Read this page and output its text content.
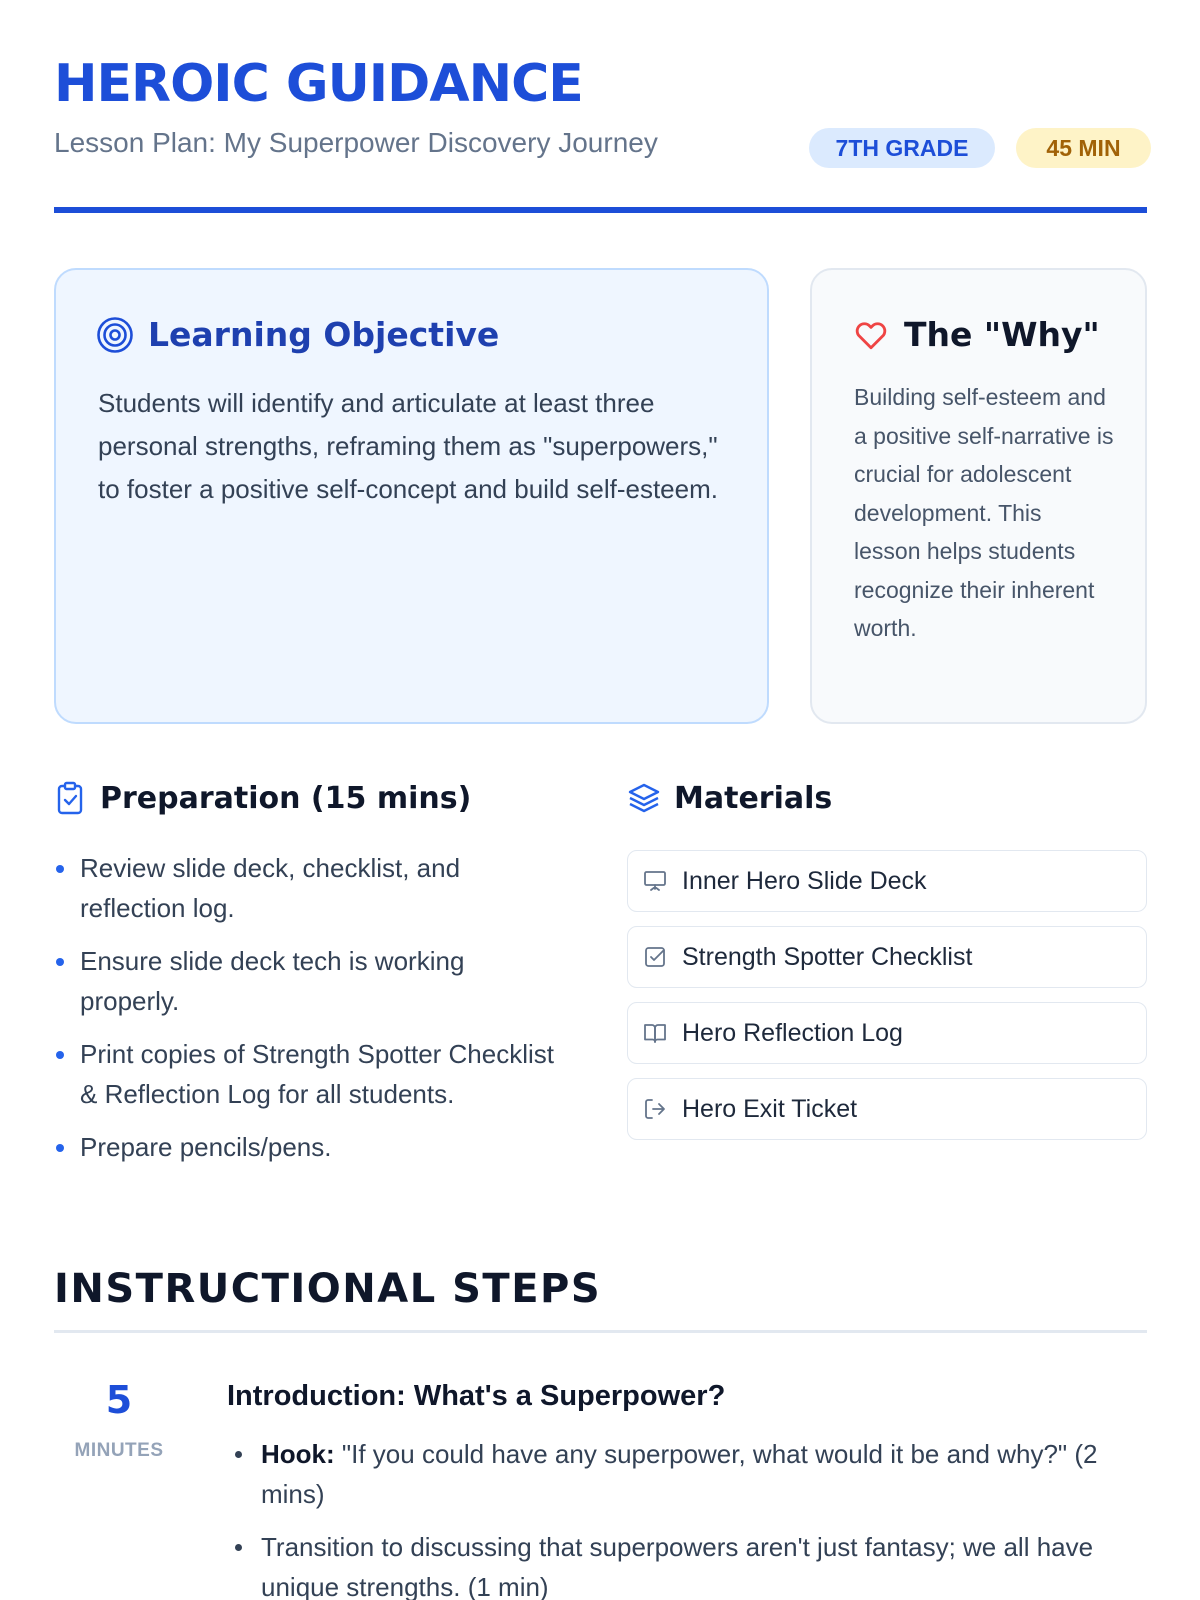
HEROIC GUIDANCE
Lesson Plan: My Superpower Discovery Journey	7TH GRADE	45 MIN
Learning Objective

Students will identify and articulate at least three personal strengths, reframing them as "superpowers," to foster a positive self-concept and build self-esteem.

The "Why"

Building self-esteem and a positive self-narrative is crucial for adolescent development. This lesson helps students recognize their inherent worth.

Preparation (15 mins)
Review slide deck, checklist, and reflection log.
Ensure slide deck tech is working properly.
Print copies of Strength Spotter Checklist & Reflection Log for all students.
Prepare pencils/pens.
Materials
Inner Hero Slide Deck
Strength Spotter Checklist
Hero Reflection Log
Hero Exit Ticket
INSTRUCTIONAL STEPS
5
MINUTES
Introduction: What's a Superpower?
Hook: "If you could have any superpower, what would it be and why?" (2 mins)
Transition to discussing that superpowers aren't just fantasy; we all have unique strengths. (1 min)
